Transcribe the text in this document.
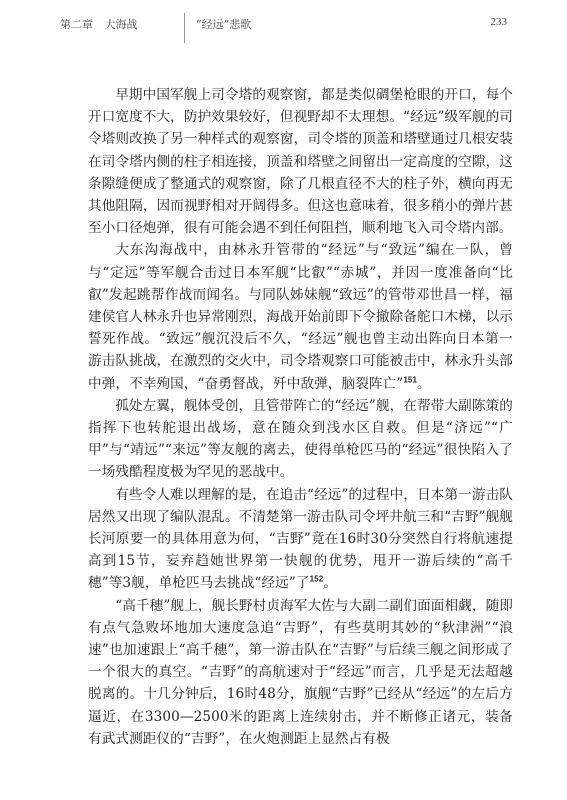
第二章 大海战	“经远”悲歌	233

早期中国军舰上司令塔的观察窗，都是类似碉堡枪眼的开口，每个开口宽度不大，防护效果较好，但视野却不太理想。“经远”级军舰的司令塔则改换了另一种样式的观察窗，司令塔的顶盖和塔壁通过几根安装在司令塔内侧的柱子相连接，顶盖和塔壁之间留出一定高度的空隙，这条隙缝便成了整通式的观察窗，除了几根直径不大的柱子外，横向再无其他阻隔，因而视野相对开阔得多。但这也意味着，很多稍小的弹片甚至小口径炮弹，很有可能会遇不到任何阻挡，顺利地飞入司令塔内部。

大东沟海战中，由林永升管带的“经远”与“致远”编在一队，曾与“定远”等军舰合击过日本军舰“比叡”“赤城”，并因一度准备向“比叡”发起跳帮作战而闻名。与同队姊妹舰“致远”的管带邓世昌一样，福建侯官人林永升也异常刚烈，海战开始前即下令撤除备舵口木梯，以示誓死作战。“致远”舰沉没后不久，“经远”舰也曾主动出阵向日本第一游击队挑战，在激烈的交火中，司令塔观察口可能被击中，林永升头部中弹，不幸殉国，“奋勇督战，歼中敌弹，脑裂阵亡”$^{151}$。

孤处左翼，舰体受创，且管带阵亡的“经远”舰，在帮带大副陈策的指挥下也转舵退出战场，意在随众到浅水区自救。但是“济远”“广甲”与“靖远”“来远”等友舰的离去，使得单枪匹马的“经远”很快陷入了一场残酷程度极为罕见的恶战中。

有些令人难以理解的是，在追击“经远”的过程中，日本第一游击队居然又出现了编队混乱。不清楚第一游击队司令坪井航三和“吉野”舰舰长河原要一的具体用意为何，“吉野”竟在16时30分突然自行将航速提高到15节，妄弃趋她世界第一快舰的优势，甩开一游后续的“高千穗”等3舰，单枪匹马去挑战“经远”了$^{152}$。

“高千穗”舰上，舰长野村贞海军大佐与大副二副们面面相觑，随即有点气急败坏地加大速度急追“吉野”，有些莫明其妙的“秋津洲”“浪速”也加速跟上“高千穗”，第一游击队在“吉野”与后续三舰之间形成了一个很大的真空。“吉野”的高航速对于“经远”而言，几乎是无法超越脱离的。十几分钟后，16时48分，旗舰“吉野”已经从“经远”的左后方逼近，在3300—2500米的距离上连续射击，并不断修正诸元，装备有武式测距仪的“吉野”，在火炮测距上显然占有极
